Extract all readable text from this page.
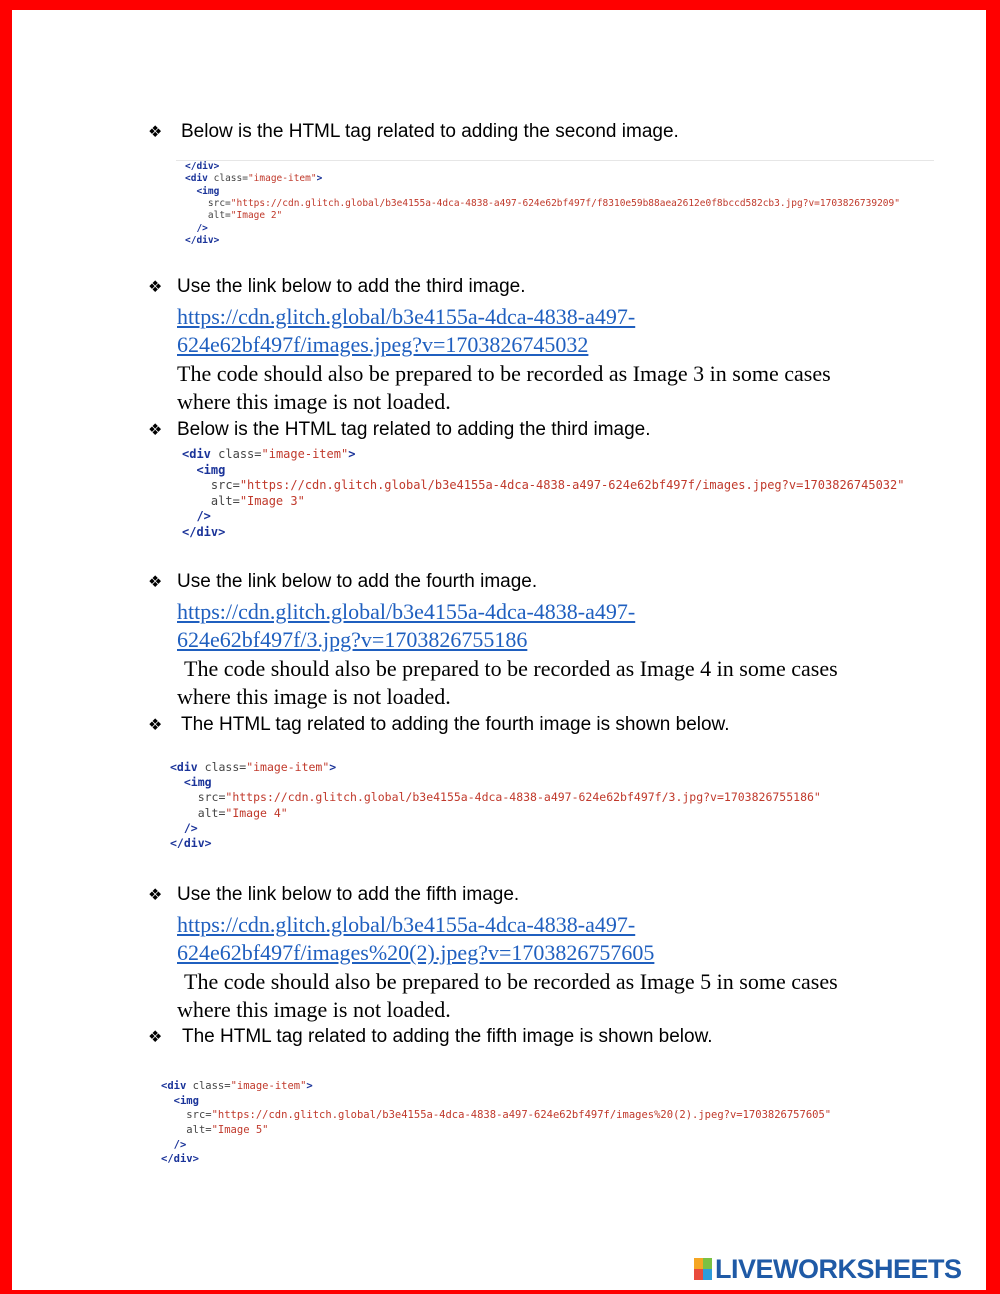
❖ Below is the HTML tag related to adding the second image.
</div>
<div class="image-item">
<img
src="https://cdn.glitch.global/b3e4155a-4dca-4838-a497-624e62bf497f/f8310e59b88aea2612e0f8bccd582cb3.jpg?v=1703826739209"
alt="Image 2"
/>
</div>
❖ Use the link below to add the third image.
https://cdn.glitch.global/b3e4155a-4dca-4838-a497-
624e62bf497f/images.jpeg?v=1703826745032
The code should also be prepared to be recorded as Image 3 in some cases
where this image is not loaded.
❖ Below is the HTML tag related to adding the third image.
<div class="image-item">
<img
src="https://cdn.glitch.global/b3e4155a-4dca-4838-a497-624e62bf497f/images.jpeg?v=1703826745032"
alt="Image 3"
/>
</div>
❖ Use the link below to add the fourth image.
https://cdn.glitch.global/b3e4155a-4dca-4838-a497-
624e62bf497f/3.jpg?v=1703826755186
The code should also be prepared to be recorded as Image 4 in some cases
where this image is not loaded.
❖ The HTML tag related to adding the fourth image is shown below.
<div class="image-item">
<img
src="https://cdn.glitch.global/b3e4155a-4dca-4838-a497-624e62bf497f/3.jpg?v=1703826755186"
alt="Image 4"
/>
</div>
❖ Use the link below to add the fifth image.
https://cdn.glitch.global/b3e4155a-4dca-4838-a497-
624e62bf497f/images%20(2).jpeg?v=1703826757605
The code should also be prepared to be recorded as Image 5 in some cases
where this image is not loaded.
❖ The HTML tag related to adding the fifth image is shown below.
<div class="image-item">
<img
src="https://cdn.glitch.global/b3e4155a-4dca-4838-a497-624e62bf497f/images%20(2).jpeg?v=1703826757605"
alt="Image 5"
/>
</div>
LIVEWORKSHEETS
